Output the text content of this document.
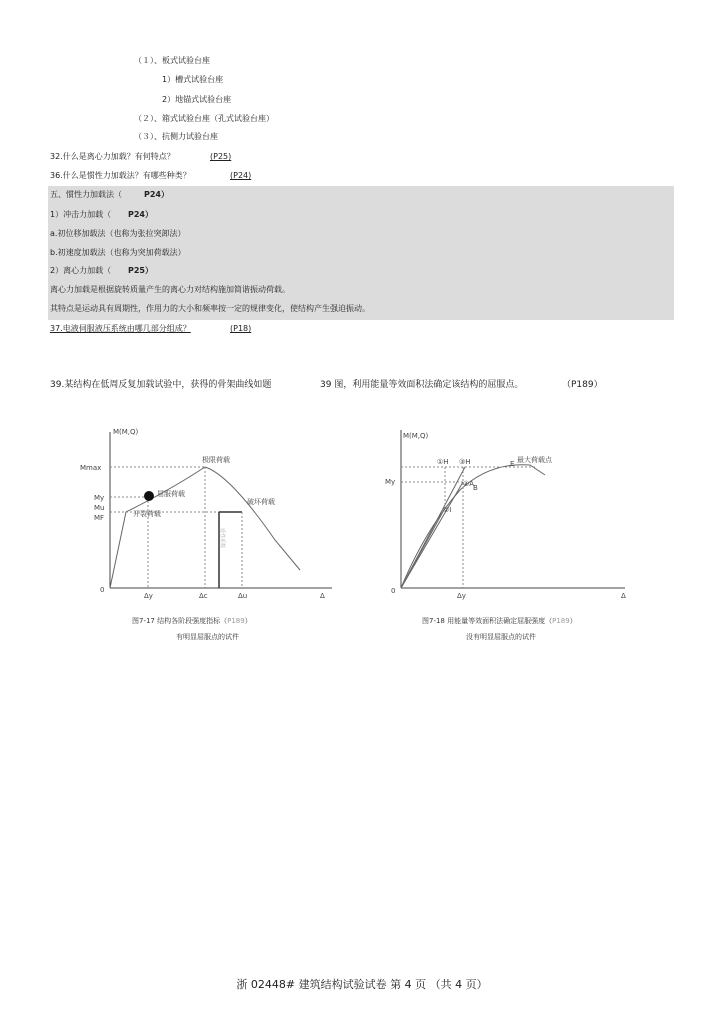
（１）、板式试验台座
1）槽式试验台座
2）地锚式试验台座
（２）、箱式试验台座（孔式试验台座）
（３）、抗侧力试验台座
32.什么是离心力加载？有何特点？	(P25)
36.什么是惯性力加载法？有哪些种类？	(P24)
五、惯性力加载法（	P24）
1）冲击力加载（ P24）
a.初位移加载法（也称为张拉突卸法）
b.初速度加载法（也称为突加荷载法）
2）离心力加载（ P25）
离心力加载是根据旋转质量产生的离心力对结构施加简谐振动荷载。
其特点是运动具有周期性，作用力的大小和频率按一定的规律变化，使结构产生强迫振动。
37.电液伺服液压系统由哪几部分组成？	(P18)
39.某结构在低周反复加载试验中，获得的骨架曲线如题	39 图，利用能量等效面积法确定该结构的屈服点。	（P189）
M(M,Q)
Mmax
My
Mu
MF
0
极限荷载
屈服荷载
开裂荷载
破坏荷载
Δy	Δc	Δu	Δ
延性系数
图7-17 结构各阶段强度指标（P189）
有明显屈服点的试件
M(M,Q)
My
0
最大荷载点
①H ③H
④A
B
②I
E
Δy	Δ
图7-18 用能量等效面积法确定屈服强度（P189）
没有明显屈服点的试件
浙 02448# 建筑结构试验试卷 第 4 页 （共 4 页）
